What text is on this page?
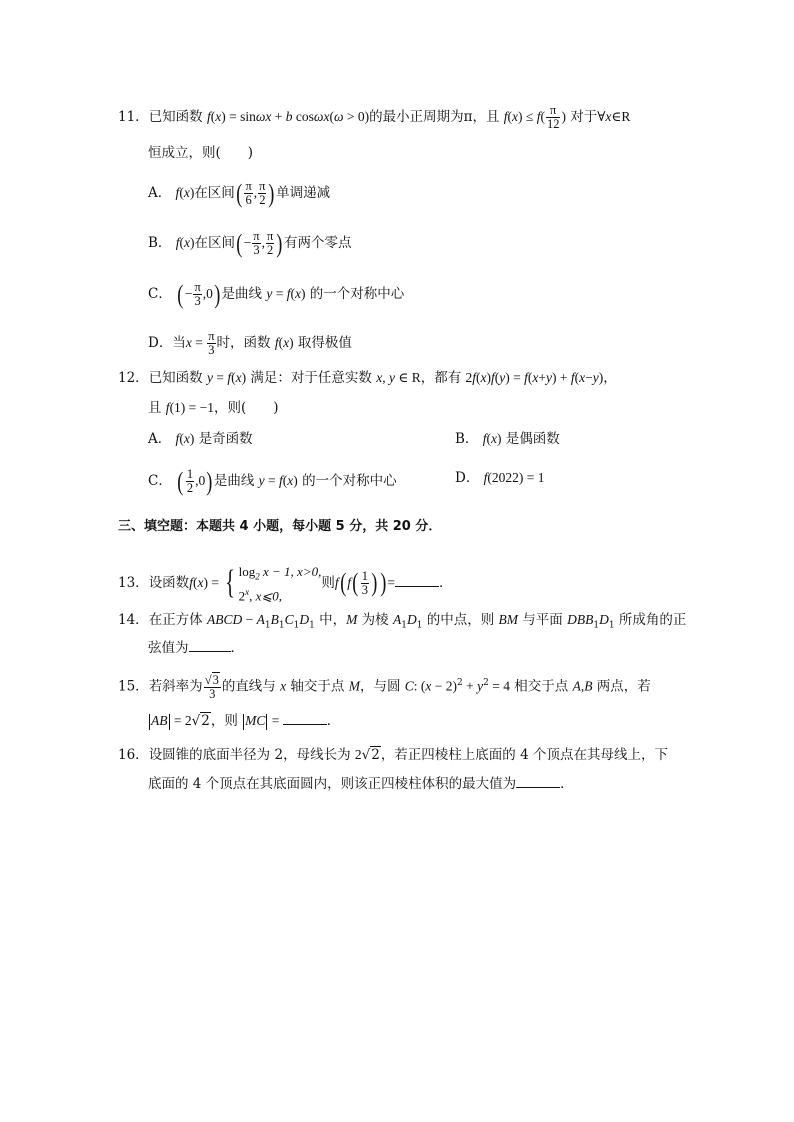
11．已知函数 f(x) = sinωx + b cosωx(ω > 0)的最小正周期为π，且 $f(x) \le f( \frac{\pi}{12}$ ) 对于∀x∈R
恒成立，则(　　)
A． f(x)在区间( $\frac{\pi}{6}$ , $\frac{\pi}{2}$ )单调递减
B． f(x)在区间(− $\frac{\pi}{3}$ , $\frac{\pi}{2}$ )有两个零点
C． (− $\frac{\pi}{3} ,0$)是曲线 y = f(x) 的一个对称中心
D．当$x = \frac{\pi}{3}$ 时，函数 f(x) 取得极值
12．已知函数 y = f(x) 满足：对于任意实数 x, y ∈ R，都有 2f(x)f(y) = f(x+y) + f(x−y)，
且 f(1) = −1，则(　　)
A． f(x) 是奇函数	B． f(x) 是偶函数
C． ( $\frac{1}{2} ,0$)是曲线 y = f(x) 的一个对称中心	D． f(2022) = 1
三、填空题：本题共 4 小题，每小题 5 分，共 20 分．
13．设函数f(x) = { $\log_2 x - 1$, x>0,
2$^x$, x⩽0,
则$f(f( \frac{1}{3}$ ) )=	．
14．在正方体 ABCD − $A_1B_1C_1D_1$ 中，M 为棱 $A_1D_1$ 的中点，则 BM 与平面 $DBB_1D_1$ 所成角的正
弦值为	．
15．若斜率为 $\frac{√3}{3}$ 的直线与 x 轴交于点 M，与圆 C: $(x - 2)^2 + y^2 = 4$ 相交于点 A,B 两点，若
AB = 2√2，则 MC =	．
16．设圆锥的底面半径为 2，母线长为 2√2，若正四棱柱上底面的 4 个顶点在其母线上，下
底面的 4 个顶点在其底面圆内，则该正四棱柱体积的最大值为	．
